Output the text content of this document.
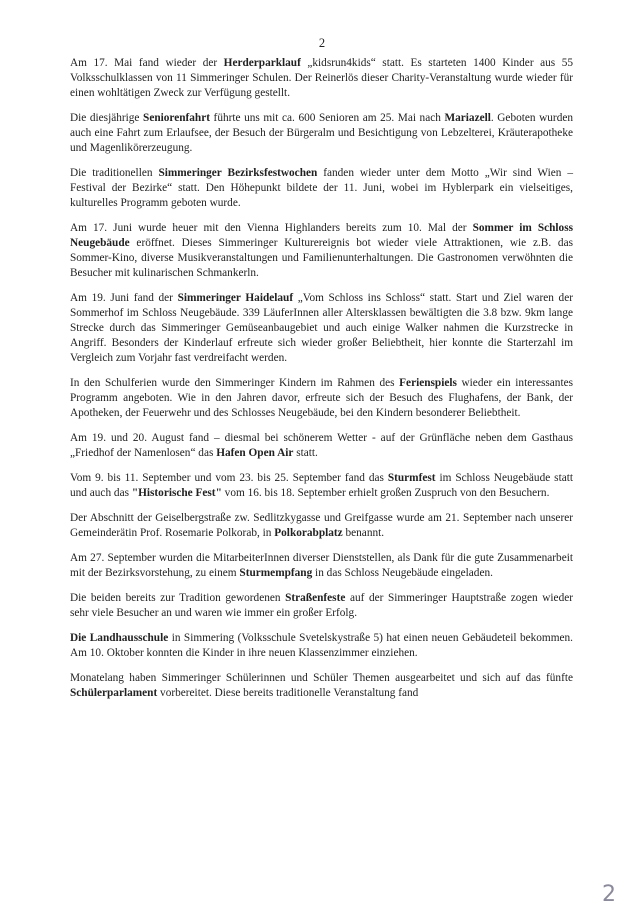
2

Am 17. Mai fand wieder der Herderparklauf „kidsrun4kids“ statt. Es starteten 1400 Kinder aus 55 Volksschulklassen von 11 Simmeringer Schulen. Der Reinerlös dieser Charity-Veranstaltung wurde wieder für einen wohltätigen Zweck zur Verfügung gestellt.

Die diesjährige Seniorenfahrt führte uns mit ca. 600 Senioren am 25. Mai nach Mariazell. Geboten wurden auch eine Fahrt zum Erlaufsee, der Besuch der Bürgeralm und Besichtigung von Lebzelterei, Kräuterapotheke und Magenlikörerzeugung.

Die traditionellen Simmeringer Bezirksfestwochen fanden wieder unter dem Motto „Wir sind Wien – Festival der Bezirke“ statt. Den Höhepunkt bildete der 11. Juni, wobei im Hyblerpark ein vielseitiges, kulturelles Programm geboten wurde.

Am 17. Juni wurde heuer mit den Vienna Highlanders bereits zum 10. Mal der Sommer im Schloss Neugebäude eröffnet. Dieses Simmeringer Kulturereignis bot wieder viele Attraktionen, wie z.B. das Sommer-Kino, diverse Musikveranstaltungen und Familienunterhaltungen. Die Gastronomen verwöhnten die Besucher mit kulinarischen Schmankerln.

Am 19. Juni fand der Simmeringer Haidelauf „Vom Schloss ins Schloss“ statt. Start und Ziel waren der Sommerhof im Schloss Neugebäude. 339 LäuferInnen aller Altersklassen bewältigten die 3.8 bzw. 9km lange Strecke durch das Simmeringer Gemüseanbaugebiet und auch einige Walker nahmen die Kurzstrecke in Angriff. Besonders der Kinderlauf erfreute sich wieder großer Beliebtheit, hier konnte die Starterzahl im Vergleich zum Vorjahr fast verdreifacht werden.

In den Schulferien wurde den Simmeringer Kindern im Rahmen des Ferienspiels wieder ein interessantes Programm angeboten. Wie in den Jahren davor, erfreute sich der Besuch des Flughafens, der Bank, der Apotheken, der Feuerwehr und des Schlosses Neugebäude, bei den Kindern besonderer Beliebtheit.

Am 19. und 20. August fand – diesmal bei schönerem Wetter - auf der Grünfläche neben dem Gasthaus „Friedhof der Namenlosen“ das Hafen Open Air statt.

Vom 9. bis 11. September und vom 23. bis 25. September fand das Sturmfest im Schloss Neugebäude statt und auch das "Historische Fest" vom 16. bis 18. September erhielt großen Zuspruch von den Besuchern.

Der Abschnitt der Geiselbergstraße zw. Sedlitzkygasse und Greifgasse wurde am 21. September nach unserer Gemeinderätin Prof. Rosemarie Polkorab, in Polkorabplatz benannt.

Am 27. September wurden die MitarbeiterInnen diverser Dienststellen, als Dank für die gute Zusammenarbeit mit der Bezirksvorstehung, zu einem Sturmempfang in das Schloss Neugebäude eingeladen.

Die beiden bereits zur Tradition gewordenen Straßenfeste auf der Simmeringer Hauptstraße zogen wieder sehr viele Besucher an und waren wie immer ein großer Erfolg.

Die Landhausschule in Simmering (Volksschule Svetelskystraße 5) hat einen neuen Gebäudeteil bekommen. Am 10. Oktober konnten die Kinder in ihre neuen Klassenzimmer einziehen.

Monatelang haben Simmeringer Schülerinnen und Schüler Themen ausgearbeitet und sich auf das fünfte Schülerparlament vorbereitet. Diese bereits traditionelle Veranstaltung fand

2
